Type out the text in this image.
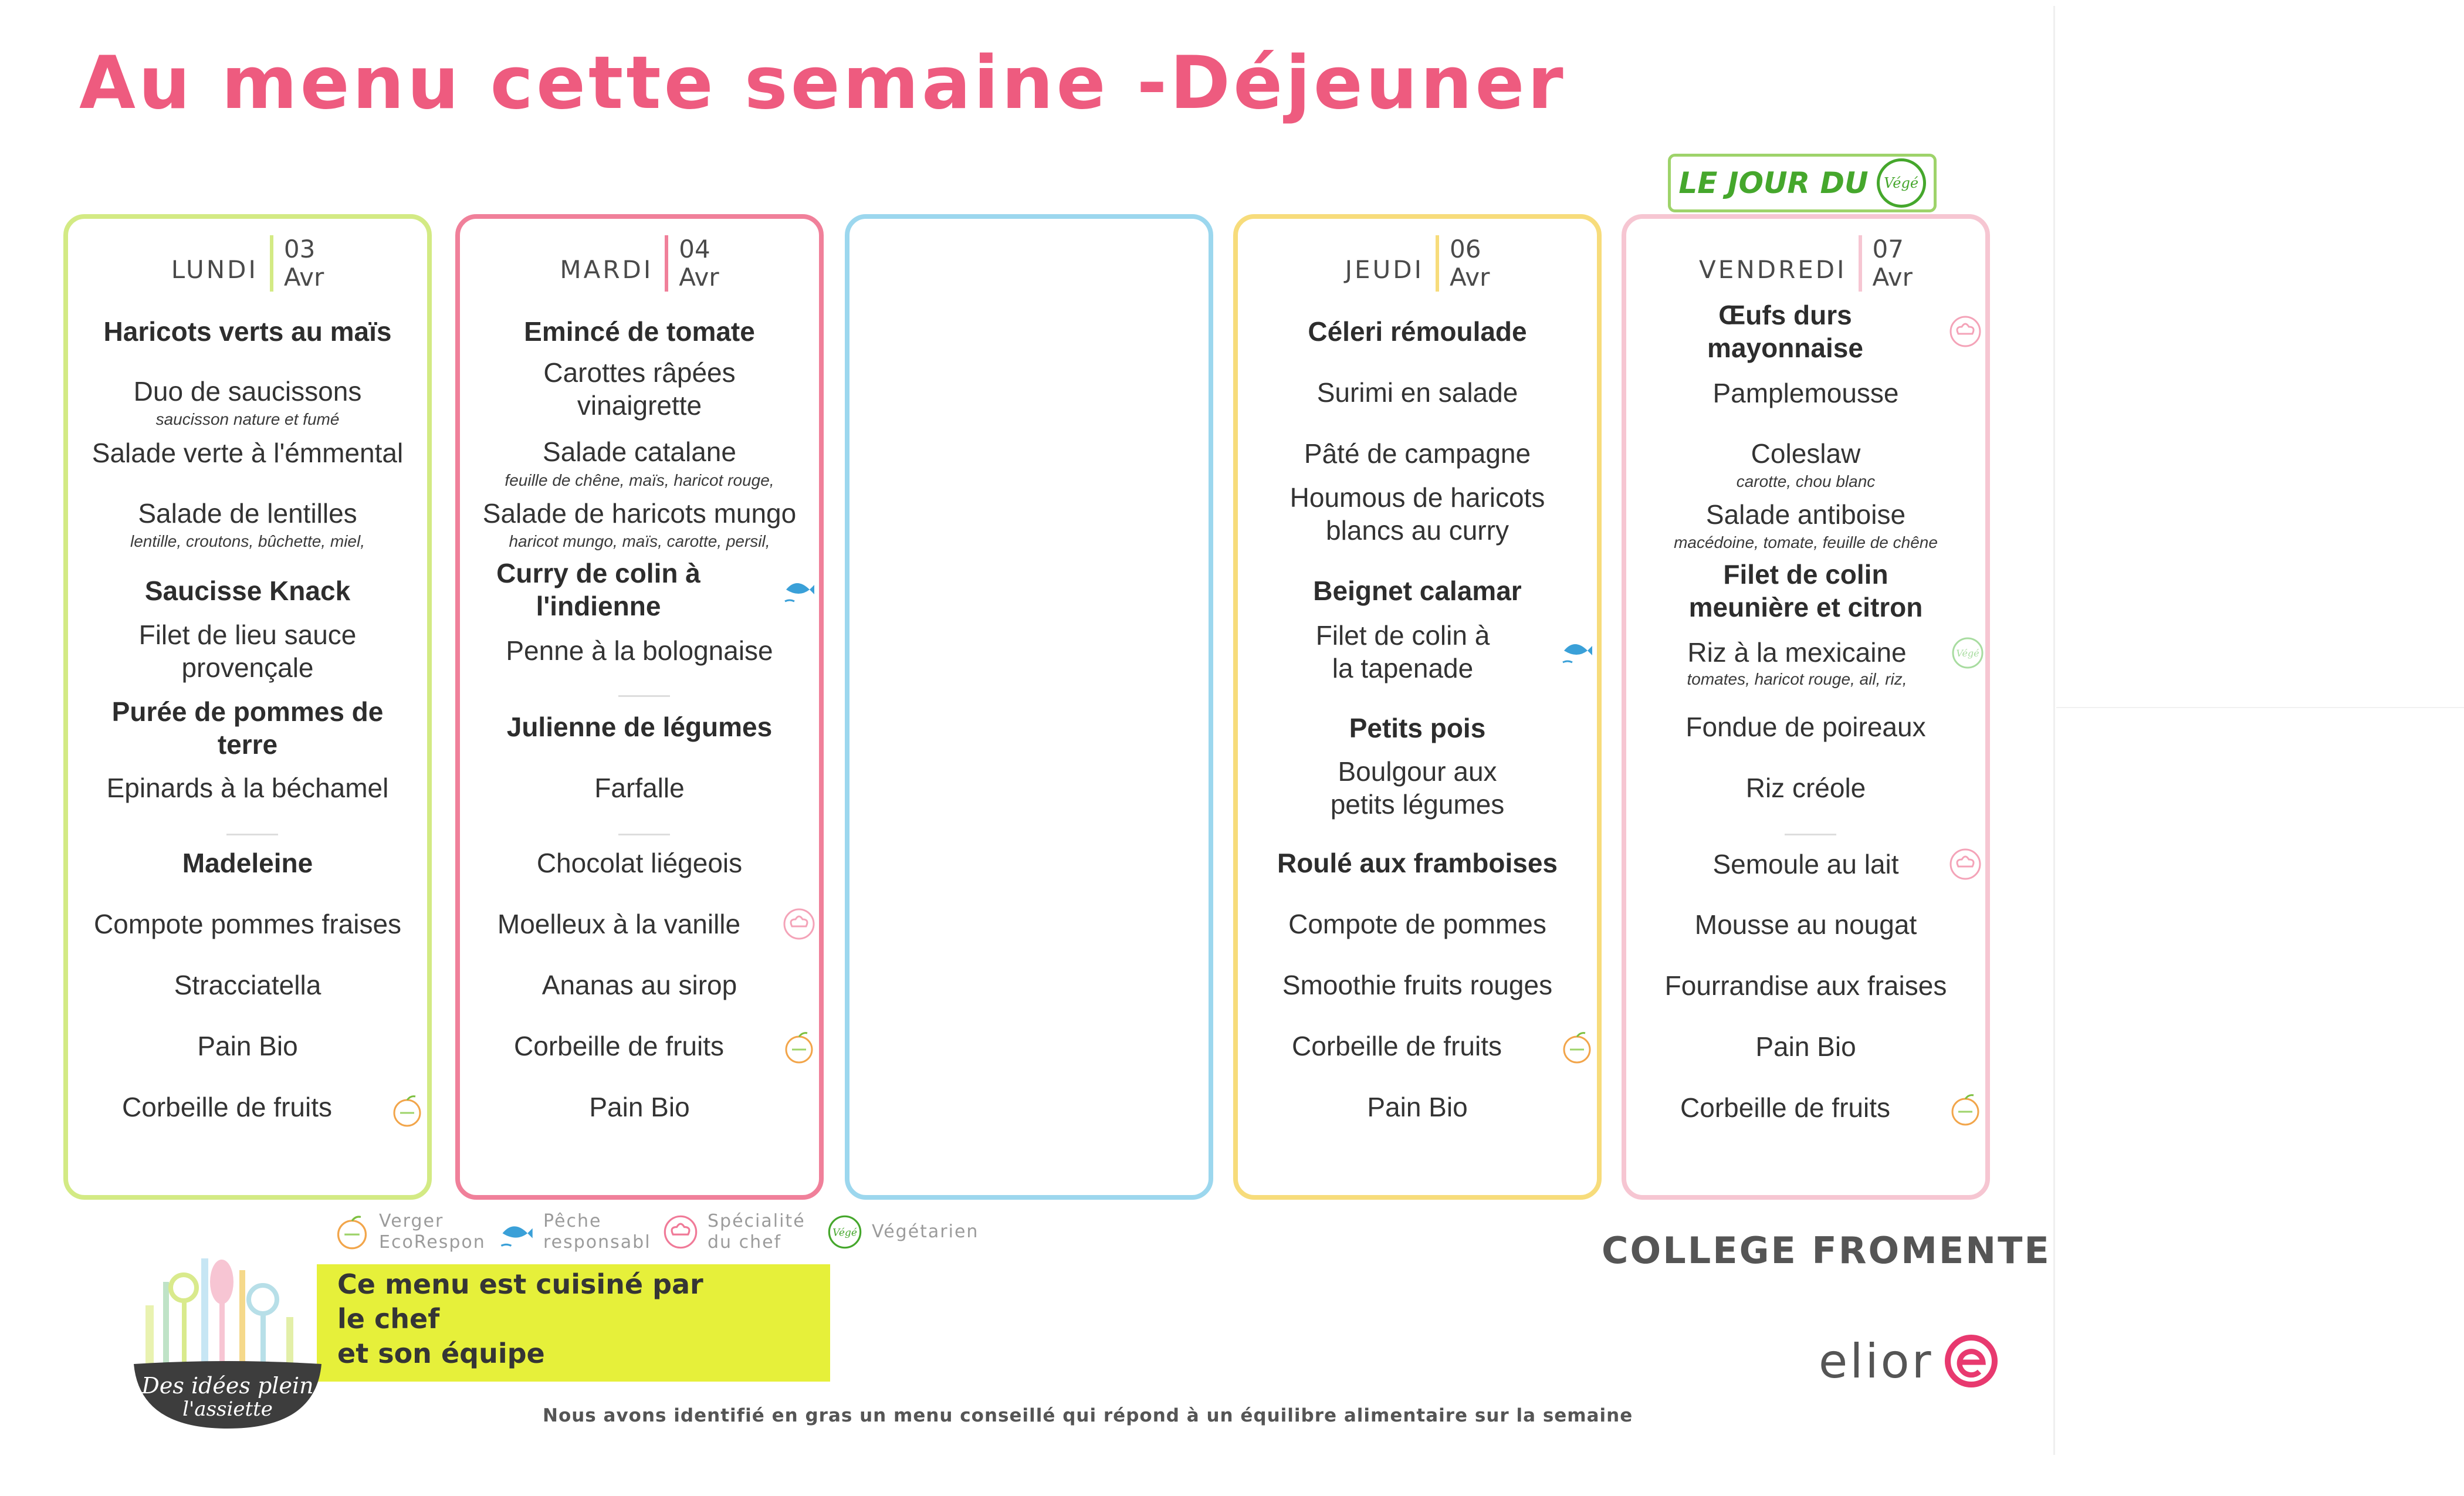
Au menu cette semaine -Déjeuner
LE JOUR DU	Végé
LUNDI
03
Avr
Haricots verts au maïs
Duo de saucissons
saucisson nature et fumé
Salade verte à l'émmental
Salade de lentilles
lentille, croutons, bûchette, miel,
Saucisse Knack
Filet de lieu sauce provençale
Purée de pommes de terre
Epinards à la béchamel
Madeleine
Compote pommes fraises
Stracciatella
Pain Bio
Corbeille de fruits
MARDI
04
Avr
Emincé de tomate
Carottes râpées vinaigrette
Salade catalane
feuille de chêne, maïs, haricot rouge,
Salade de haricots mungo
haricot mungo, maïs, carotte, persil,
Curry de colin à l'indienne
Penne à la bolognaise
Julienne de légumes
Farfalle
Chocolat liégeois
Moelleux à la vanille
Ananas au sirop
Corbeille de fruits
Pain Bio
JEUDI
06
Avr
Céleri rémoulade
Surimi en salade
Pâté de campagne
Houmous de haricots blancs au curry
Beignet calamar
Filet de colin à la tapenade
Petits pois
Boulgour aux petits légumes
Roulé aux framboises
Compote de pommes
Smoothie fruits rouges
Corbeille de fruits
Pain Bio
VENDREDI
07
Avr
Œufs durs mayonnaise
Pamplemousse
Coleslaw
carotte, chou blanc
Salade antiboise
macédoine, tomate, feuille de chêne
Filet de colin meunière et citron
Riz à la mexicaine
tomates, haricot rouge, ail, riz,
Végé
Fondue de poireaux
Riz créole
Semoule au lait
Mousse au nougat
Fourrandise aux fraises
Pain Bio
Corbeille de fruits
Verger
EcoRespon
Pêche
responsabl
Spécialité
du chef	Végé Végétarien
Ce menu est cuisiné par
le chef
et son équipe
Des idées plein
l'assiette
COLLEGE FROMENTE
elior
Nous avons identifié en gras un menu conseillé qui répond à un équilibre alimentaire sur la semaine
